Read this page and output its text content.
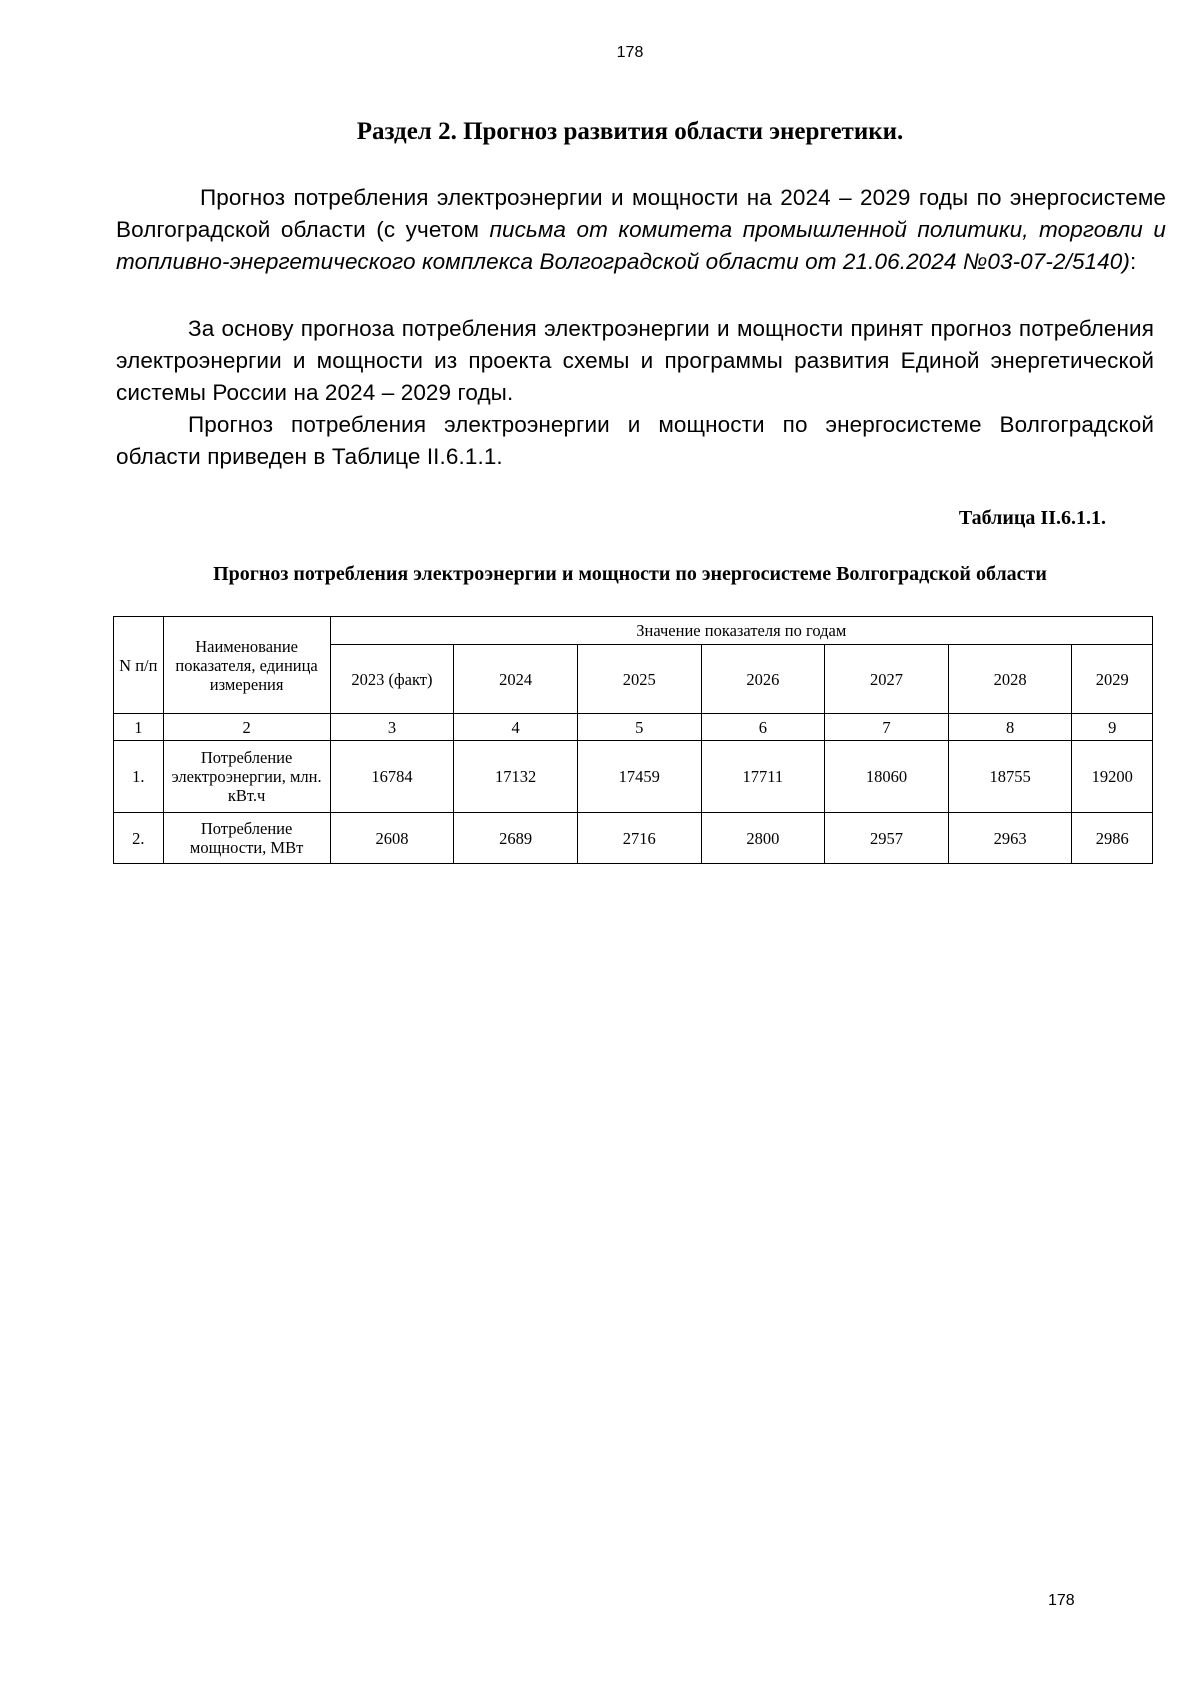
178
Раздел 2. Прогноз развития области энергетики.
Прогноз потребления электроэнергии и мощности на 2024 – 2029 годы по энергосистеме Волгоградской области (с учетом письма от комитета промышленной политики, торговли и топливно-энергетического комплекса Волгоградской области от 21.06.2024 №03-07-2/5140):
За основу прогноза потребления электроэнергии и мощности принят прогноз потребления электроэнергии и мощности из проекта схемы и программы развития Единой энергетической системы России на 2024 – 2029 годы.
Прогноз потребления электроэнергии и мощности по энергосистеме Волгоградской области приведен в Таблице II.6.1.1.
Таблица II.6.1.1.
Прогноз потребления электроэнергии и мощности по энергосистеме Волгоградской области
N п/п	Наименование показателя, единица измерения	Значение показателя по годам						
		2023 (факт)	2024	2025	2026	2027	2028	2029
1	2	3	4	5	6	7	8	9
1.	Потребление электроэнергии, млн. кВт.ч	16784	17132	17459	17711	18060	18755	19200
2.	Потребление мощности, МВт	2608	2689	2716	2800	2957	2963	2986
178
